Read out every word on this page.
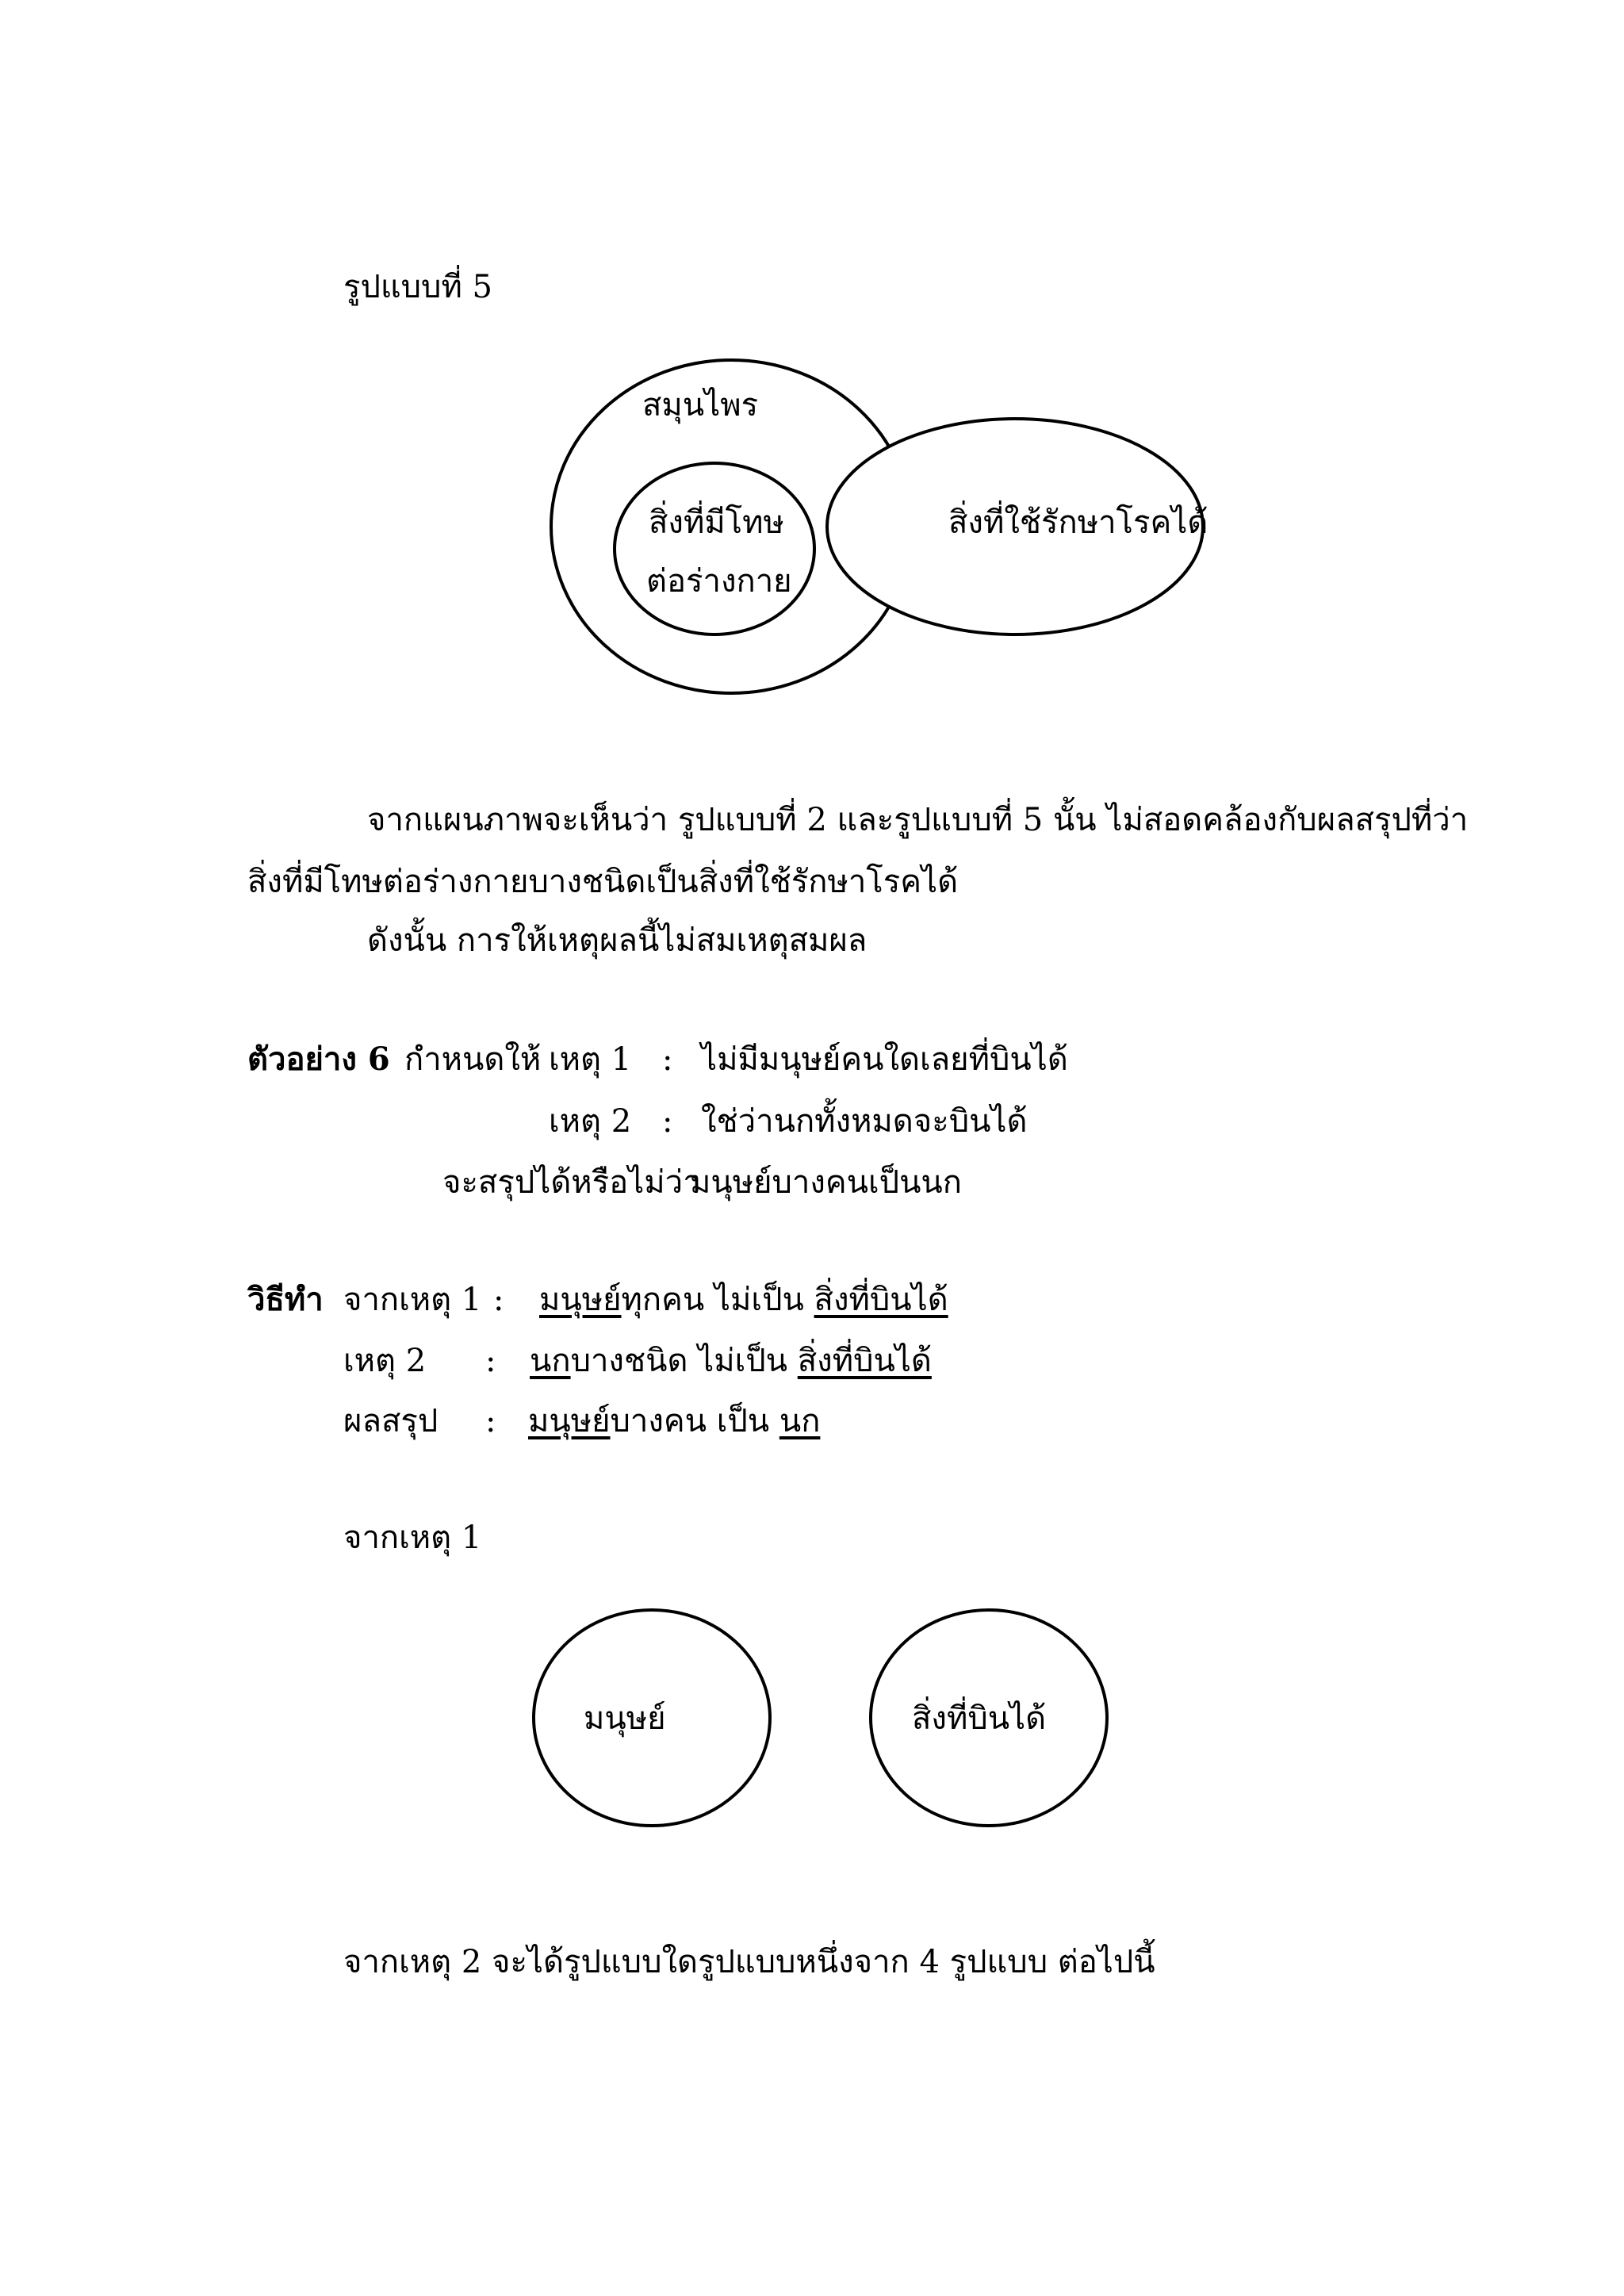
รูปแบบที่ 5
สมุนไพร
สิ่งที่มีโทษ
ต่อร่างกาย
สิ่งที่ใช้รักษาโรคได้
มนุษย์	สิ่งที่บินได้
จากแผนภาพจะเห็นว่า รูปแบบที่ 2 และรูปแบบที่ 5 นั้น ไม่สอดคล้องกับผลสรุปที่ว่า
สิ่งที่มีโทษต่อร่างกายบางชนิดเป็นสิ่งที่ใช้รักษาโรคได้
ดังนั้น การให้เหตุผลนี้ไม่สมเหตุสมผล
ตัวอย่าง 6 กำหนดให้ เหตุ 1 : ไม่มีมนุษย์คนใดเลยที่บินได้
เหตุ 2 : ใช่ว่านกทั้งหมดจะบินได้
จะสรุปได้หรือไม่ว่า
มนุษย์บางคนเป็นนก
วิธีทำ จากเหตุ 1 : มนุษย์ทุกคน ไม่เป็น สิ่งที่บินได้
เหตุ 2 : นกบางชนิด ไม่เป็น สิ่งที่บินได้
ผลสรุป : มนุษย์บางคน เป็น นก
จากเหตุ 1
จากเหตุ 2 จะได้รูปแบบใดรูปแบบหนึ่งจาก 4 รูปแบบ ต่อไปนี้
